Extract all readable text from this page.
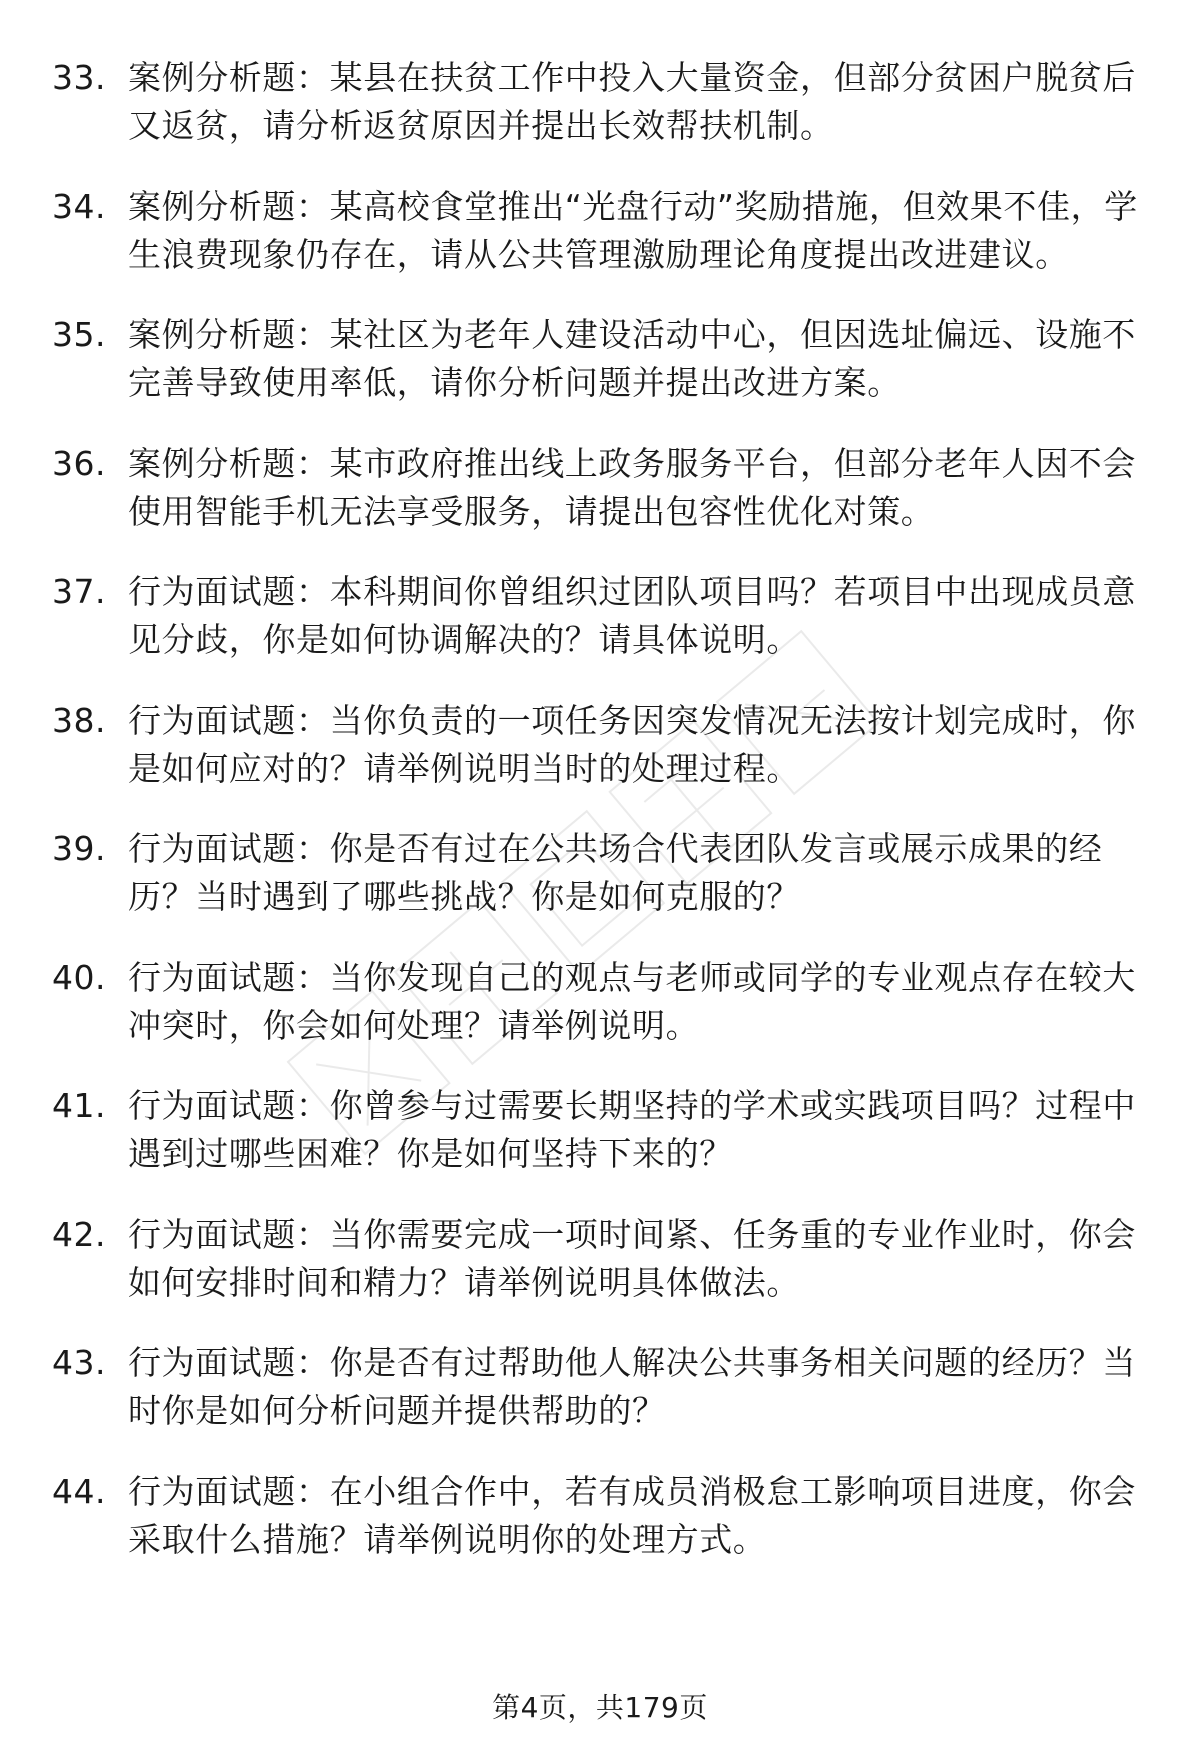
33. 案例分析题：某县在扶贫工作中投入大量资金，但部分贫困户脱贫后又返贫，请分析返贫原因并提出长效帮扶机制。
34. 案例分析题：某高校食堂推出“光盘行动”奖励措施，但效果不佳，学生浪费现象仍存在，请从公共管理激励理论角度提出改进建议。
35. 案例分析题：某社区为老年人建设活动中心，但因选址偏远、设施不完善导致使用率低，请你分析问题并提出改进方案。
36. 案例分析题：某市政府推出线上政务服务平台，但部分老年人因不会使用智能手机无法享受服务，请提出包容性优化对策。
37. 行为面试题：本科期间你曾组织过团队项目吗？若项目中出现成员意见分歧，你是如何协调解决的？请具体说明。
38. 行为面试题：当你负责的一项任务因突发情况无法按计划完成时，你是如何应对的？请举例说明当时的处理过程。
39. 行为面试题：你是否有过在公共场合代表团队发言或展示成果的经历？当时遇到了哪些挑战？你是如何克服的？
40. 行为面试题：当你发现自己的观点与老师或同学的专业观点存在较大冲突时，你会如何处理？请举例说明。
41. 行为面试题：你曾参与过需要长期坚持的学术或实践项目吗？过程中遇到过哪些困难？你是如何坚持下来的？
42. 行为面试题：当你需要完成一项时间紧、任务重的专业作业时，你会如何安排时间和精力？请举例说明具体做法。
43. 行为面试题：你是否有过帮助他人解决公共事务相关问题的经历？当时你是如何分析问题并提供帮助的？
44. 行为面试题：在小组合作中，若有成员消极怠工影响项目进度，你会采取什么措施？请举例说明你的处理方式。
第4页，共179页
